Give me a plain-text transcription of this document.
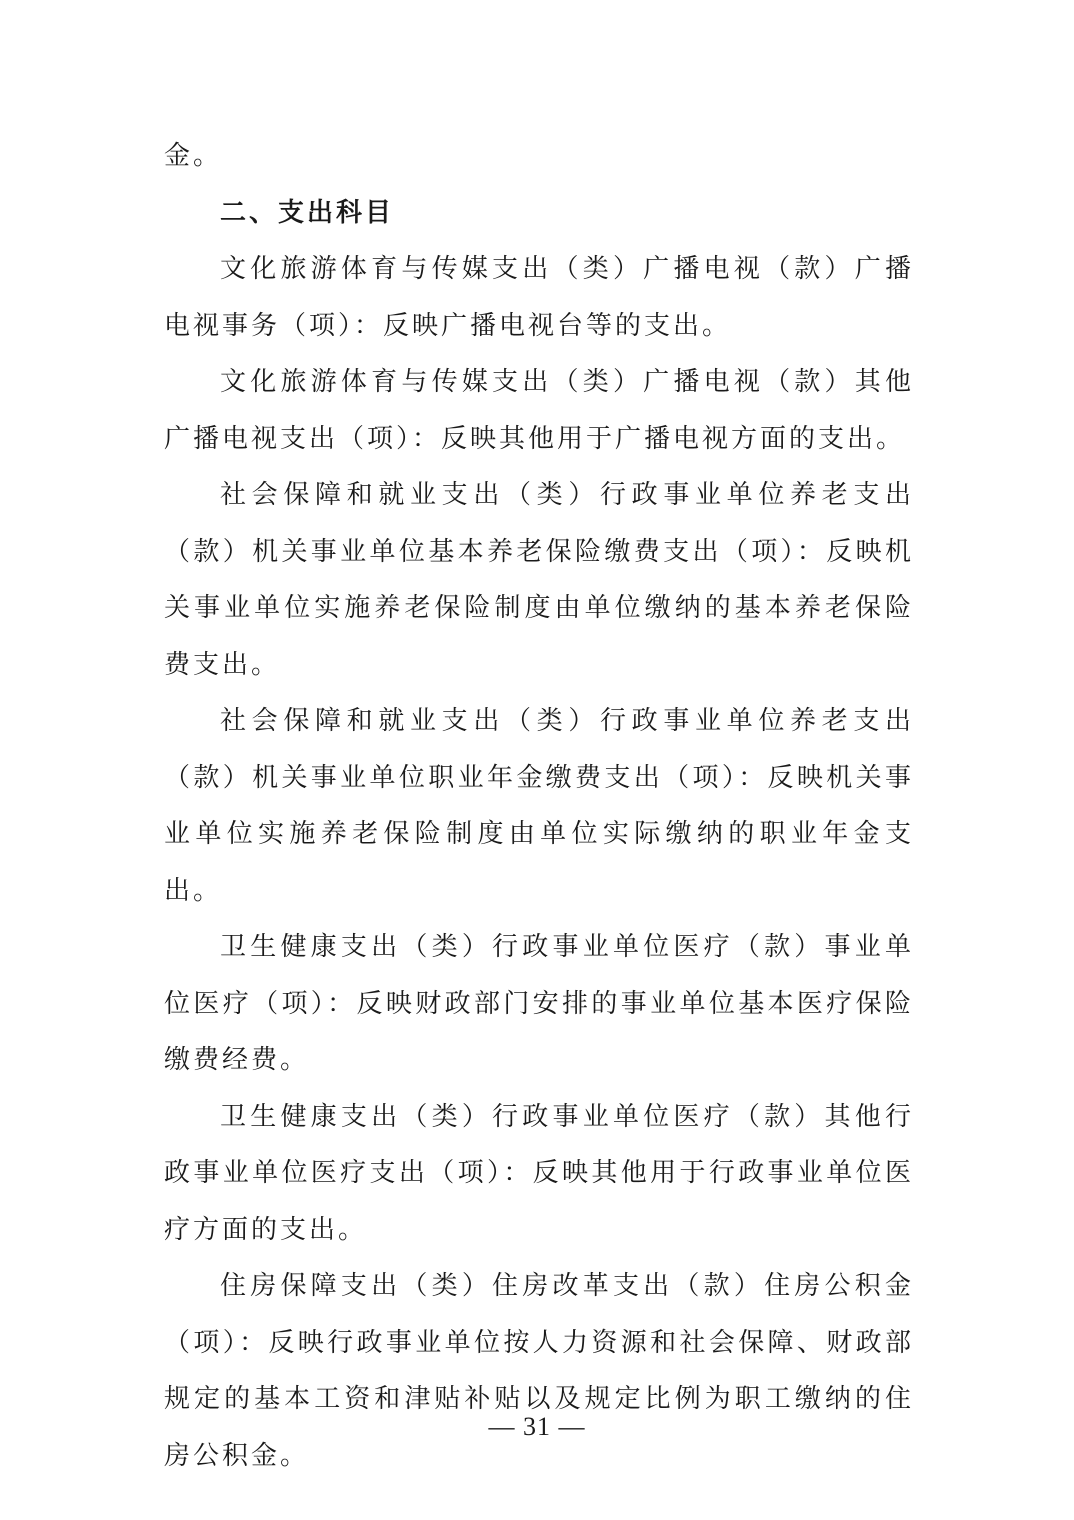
金。

二、支出科目

文化旅游体育与传媒支出（类）广播电视（款）广播电视事务（项）：反映广播电视台等的支出。

文化旅游体育与传媒支出（类）广播电视（款）其他广播电视支出（项）：反映其他用于广播电视方面的支出。

社会保障和就业支出（类）行政事业单位养老支出（款）机关事业单位基本养老保险缴费支出（项）：反映机关事业单位实施养老保险制度由单位缴纳的基本养老保险费支出。

社会保障和就业支出（类）行政事业单位养老支出（款）机关事业单位职业年金缴费支出（项）：反映机关事业单位实施养老保险制度由单位实际缴纳的职业年金支出。

卫生健康支出（类）行政事业单位医疗（款）事业单位医疗（项）：反映财政部门安排的事业单位基本医疗保险缴费经费。

卫生健康支出（类）行政事业单位医疗（款）其他行政事业单位医疗支出（项）：反映其他用于行政事业单位医疗方面的支出。

住房保障支出（类）住房改革支出（款）住房公积金（项）：反映行政事业单位按人力资源和社会保障、财政部规定的基本工资和津贴补贴以及规定比例为职工缴纳的住房公积金。

— 31 —
